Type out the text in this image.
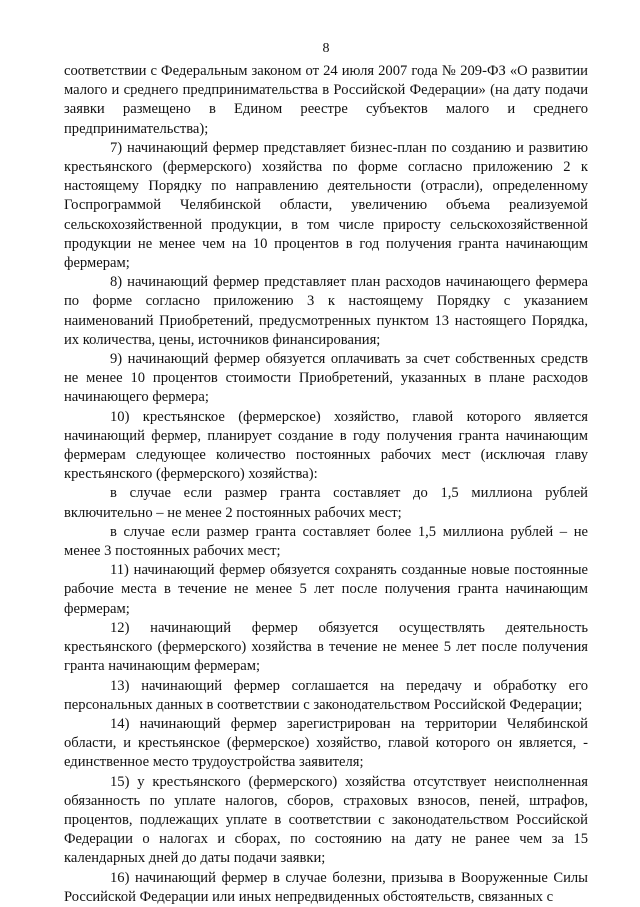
8

соответствии с Федеральным законом от 24 июля 2007 года № 209-ФЗ «О развитии малого и среднего предпринимательства в Российской Федерации» (на дату подачи заявки размещено в Едином реестре субъектов малого и среднего предпринимательства);

7) начинающий фермер представляет бизнес-план по созданию и развитию крестьянского (фермерского) хозяйства по форме согласно приложению 2 к настоящему Порядку по направлению деятельности (отрасли), определенному Госпрограммой Челябинской области, увеличению объема реализуемой сельскохозяйственной продукции, в том числе приросту сельскохозяйственной продукции не менее чем на 10 процентов в год получения гранта начинающим фермерам;

8) начинающий фермер представляет план расходов начинающего фермера по форме согласно приложению 3 к настоящему Порядку с указанием наименований Приобретений, предусмотренных пунктом 13 настоящего Порядка, их количества, цены, источников финансирования;

9) начинающий фермер обязуется оплачивать за счет собственных средств не менее 10 процентов стоимости Приобретений, указанных в плане расходов начинающего фермера;

10) крестьянское (фермерское) хозяйство, главой которого является начинающий фермер, планирует создание в году получения гранта начинающим фермерам следующее количество постоянных рабочих мест (исключая главу крестьянского (фермерского) хозяйства):

в случае если размер гранта составляет до 1,5 миллиона рублей включительно – не менее 2 постоянных рабочих мест;

в случае если размер гранта составляет более 1,5 миллиона рублей – не менее 3 постоянных рабочих мест;

11) начинающий фермер обязуется сохранять созданные новые постоянные рабочие места в течение не менее 5 лет после получения гранта начинающим фермерам;

12) начинающий фермер обязуется осуществлять деятельность крестьянского (фермерского) хозяйства в течение не менее 5 лет после получения гранта начинающим фермерам;

13) начинающий фермер соглашается на передачу и обработку его персональных данных в соответствии с законодательством Российской Федерации;

14) начинающий фермер зарегистрирован на территории Челябинской области, и крестьянское (фермерское) хозяйство, главой которого он является, - единственное место трудоустройства заявителя;

15) у крестьянского (фермерского) хозяйства отсутствует неисполненная обязанность по уплате налогов, сборов, страховых взносов, пеней, штрафов, процентов, подлежащих уплате в соответствии с законодательством Российской Федерации о налогах и сборах, по состоянию на дату не ранее чем за 15 календарных дней до даты подачи заявки;

16) начинающий фермер в случае болезни, призыва в Вооруженные Силы Российской Федерации или иных непредвиденных обстоятельств, связанных с
